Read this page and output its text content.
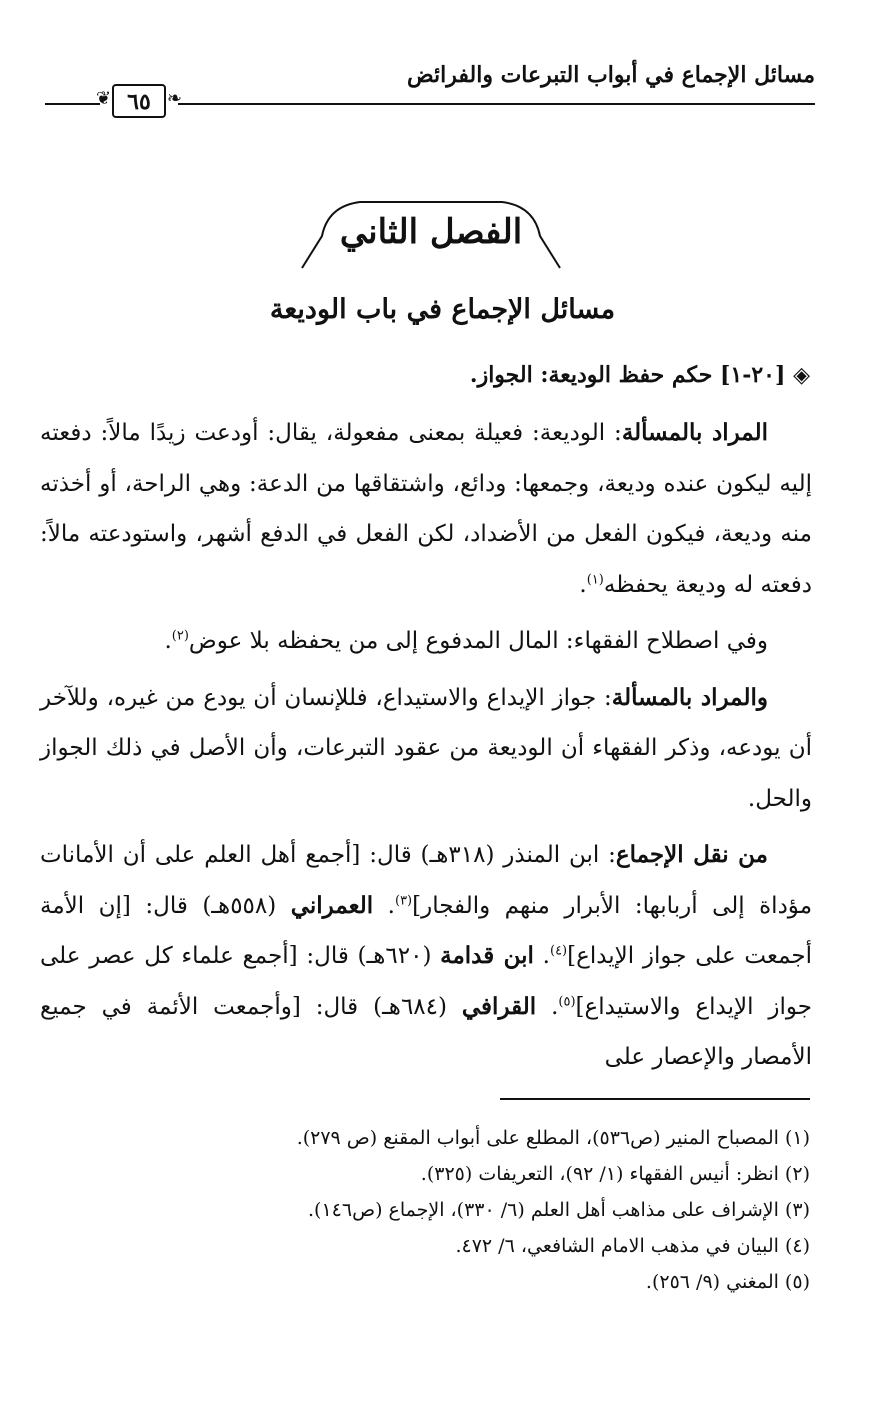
مسائل الإجماع في أبواب التبرعات والفرائض
❦ ٦٥ ❧
الفصل الثاني
مسائل الإجماع في باب الوديعة
◈ [٢٠-١] حكم حفظ الوديعة: الجواز.

المراد بالمسألة: الوديعة: فعيلة بمعنى مفعولة، يقال: أودعت زيدًا مالاً: دفعته إليه ليكون عنده وديعة، وجمعها: ودائع، واشتقاقها من الدعة: وهي الراحة، أو أخذته منه وديعة، فيكون الفعل من الأضداد، لكن الفعل في الدفع أشهر، واستودعته مالاً: دفعته له وديعة يحفظه$^{(١)}$.

وفي اصطلاح الفقهاء: المال المدفوع إلى من يحفظه بلا عوض$^{(٢)}$.

والمراد بالمسألة: جواز الإيداع والاستيداع، فللإنسان أن يودع من غيره، وللآخر أن يودعه، وذكر الفقهاء أن الوديعة من عقود التبرعات، وأن الأصل في ذلك الجواز والحل.

من نقل الإجماع: ابن المنذر (٣١٨هـ) قال: [أجمع أهل العلم على أن الأمانات مؤداة إلى أربابها: الأبرار منهم والفجار]$^{(٣)}$. العمراني (٥٥٨هـ) قال: [إن الأمة أجمعت على جواز الإيداع]$^{(٤)}$. ابن قدامة (٦٢٠هـ) قال: [أجمع علماء كل عصر على جواز الإيداع والاستيداع]$^{(٥)}$. القرافي (٦٨٤هـ) قال: [وأجمعت الأئمة في جميع الأمصار والإعصار على

(١) المصباح المنير (ص٥٣٦)، المطلع على أبواب المقنع (ص ٢٧٩).
(٢) انظر: أنيس الفقهاء (١/ ٩٢)، التعريفات (٣٢٥).
(٣) الإشراف على مذاهب أهل العلم (٦/ ٣٣٠)، الإجماع (ص١٤٦).
(٤) البيان في مذهب الامام الشافعي، ٦/ ٤٧٢.
(٥) المغني (٩/ ٢٥٦).
